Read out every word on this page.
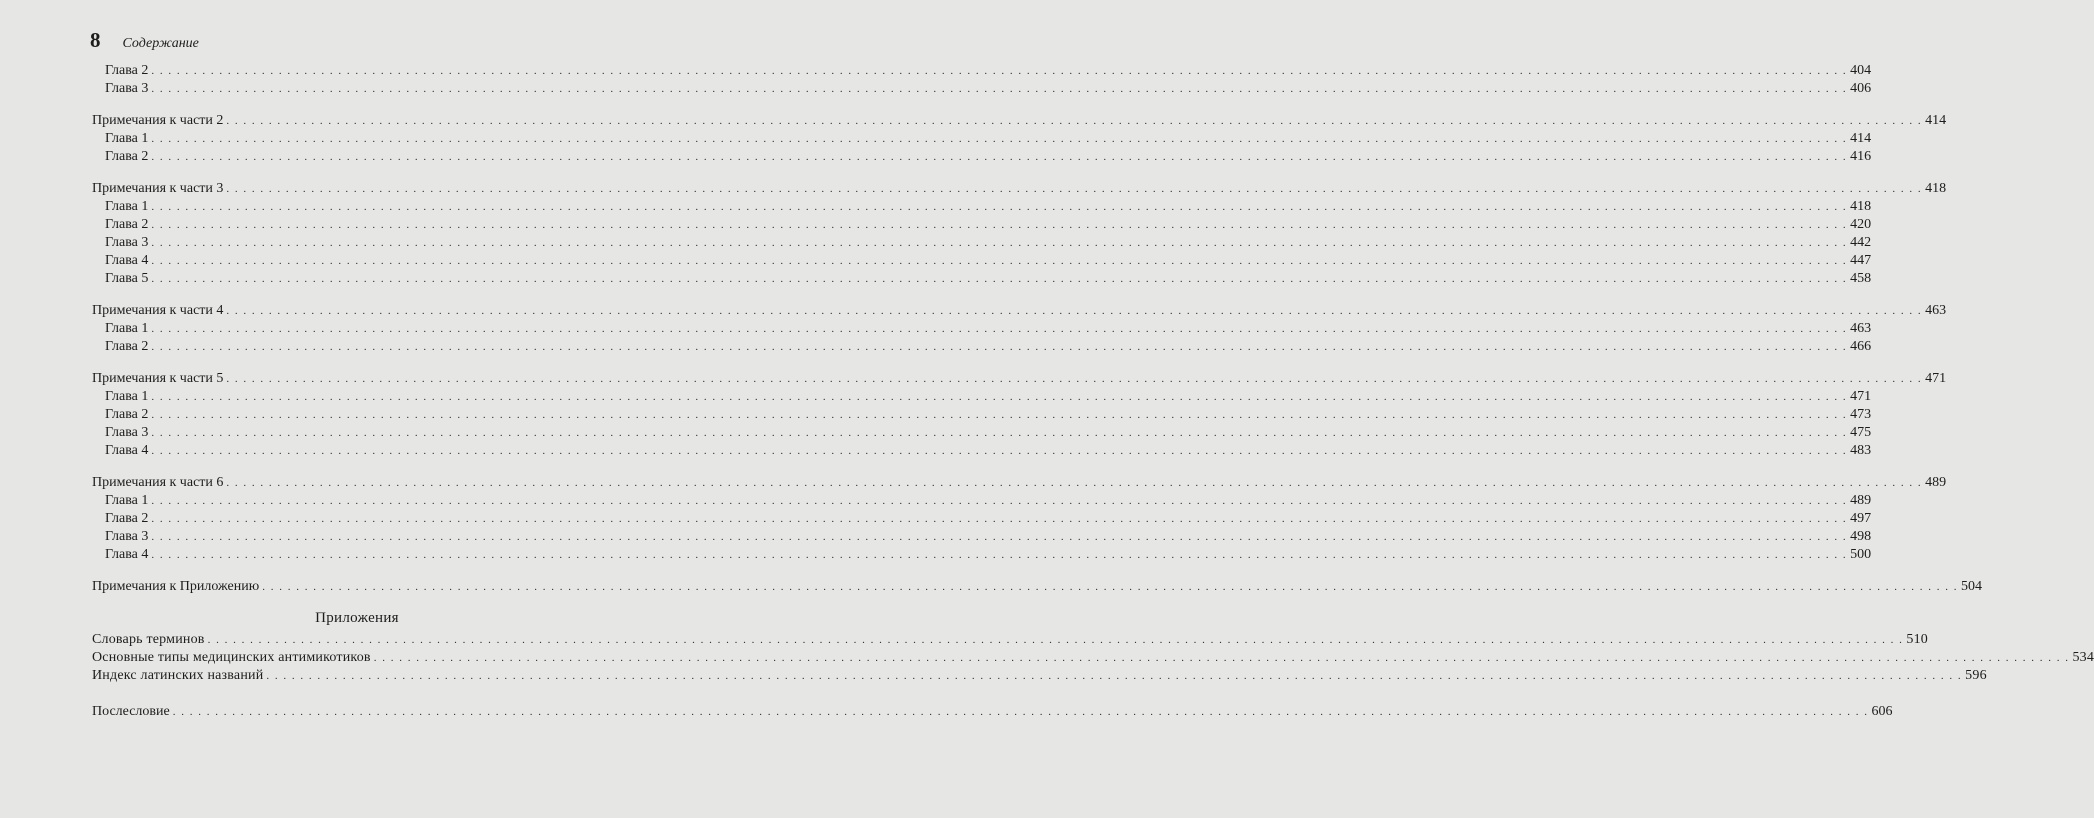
8 Содержание
Глава 2 . . . . . . . . . . . . . . . . . . . . . . . . . . . . . . . . . . . . . . . . . . . . . . . . . . . . . . . . . . . . . . . . . . . . . . . . . . . . . . . . . . . . . . . . . . . . . . . . . . . . . . . . . . . . . . . . . . . . . . . . . . . . . . . . . . . . . . . . . . . . . . . . . . . . . . . . . . . . . . . . . . . . . . . . . . . . . . . . . . . . . . . . . . . . . . . . . . . . . . . . 404
Глава 3 . . . . . . . . . . . . . . . . . . . . . . . . . . . . . . . . . . . . . . . . . . . . . . . . . . . . . . . . . . . . . . . . . . . . . . . . . . . . . . . . . . . . . . . . . . . . . . . . . . . . . . . . . . . . . . . . . . . . . . . . . . . . . . . . . . . . . . . . . . . . . . . . . . . . . . . . . . . . . . . . . . . . . . . . . . . . . . . . . . . . . . . . . . . . . . . . . . . . . . . . 406
Примечания к части 2 . . . . . . . . . . . . . . . . . . . . . . . . . . . . . . . . . . . . . . . . . . . . . . . . . . . . . . . . . . . . . . . . . . . . . . . . . . . . . . . . . . . . . . . . . . . . . . . . . . . . . . . . . . . . . . . . . . . . . . . . . . . . . . . . . . . . . . . . . . . . . . . . . . . . . . . . . . . . . . . . . . . . . . . . . . . . . . . . . . . . . . . . . . . . . . . . . . . . . . . . 414
Глава 1 . . . . . . . . . . . . . . . . . . . . . . . . . . . . . . . . . . . . . . . . . . . . . . . . . . . . . . . . . . . . . . . . . . . . . . . . . . . . . . . . . . . . . . . . . . . . . . . . . . . . . . . . . . . . . . . . . . . . . . . . . . . . . . . . . . . . . . . . . . . . . . . . . . . . . . . . . . . . . . . . . . . . . . . . . . . . . . . . . . . . . . . . . . . . . . . . . . . . . . . . 414
Глава 2 . . . . . . . . . . . . . . . . . . . . . . . . . . . . . . . . . . . . . . . . . . . . . . . . . . . . . . . . . . . . . . . . . . . . . . . . . . . . . . . . . . . . . . . . . . . . . . . . . . . . . . . . . . . . . . . . . . . . . . . . . . . . . . . . . . . . . . . . . . . . . . . . . . . . . . . . . . . . . . . . . . . . . . . . . . . . . . . . . . . . . . . . . . . . . . . . . . . . . . . . 416
Примечания к части 3 . . . . . . . . . . . . . . . . . . . . . . . . . . . . . . . . . . . . . . . . . . . . . . . . . . . . . . . . . . . . . . . . . . . . . . . . . . . . . . . . . . . . . . . . . . . . . . . . . . . . . . . . . . . . . . . . . . . . . . . . . . . . . . . . . . . . . . . . . . . . . . . . . . . . . . . . . . . . . . . . . . . . . . . . . . . . . . . . . . . . . . . . . . . . . . . . . . . . . . . . 418
Глава 1 . . . . . . . . . . . . . . . . . . . . . . . . . . . . . . . . . . . . . . . . . . . . . . . . . . . . . . . . . . . . . . . . . . . . . . . . . . . . . . . . . . . . . . . . . . . . . . . . . . . . . . . . . . . . . . . . . . . . . . . . . . . . . . . . . . . . . . . . . . . . . . . . . . . . . . . . . . . . . . . . . . . . . . . . . . . . . . . . . . . . . . . . . . . . . . . . . . . . . . . . 418
Глава 2 . . . . . . . . . . . . . . . . . . . . . . . . . . . . . . . . . . . . . . . . . . . . . . . . . . . . . . . . . . . . . . . . . . . . . . . . . . . . . . . . . . . . . . . . . . . . . . . . . . . . . . . . . . . . . . . . . . . . . . . . . . . . . . . . . . . . . . . . . . . . . . . . . . . . . . . . . . . . . . . . . . . . . . . . . . . . . . . . . . . . . . . . . . . . . . . . . . . . . . . . 420
Глава 3 . . . . . . . . . . . . . . . . . . . . . . . . . . . . . . . . . . . . . . . . . . . . . . . . . . . . . . . . . . . . . . . . . . . . . . . . . . . . . . . . . . . . . . . . . . . . . . . . . . . . . . . . . . . . . . . . . . . . . . . . . . . . . . . . . . . . . . . . . . . . . . . . . . . . . . . . . . . . . . . . . . . . . . . . . . . . . . . . . . . . . . . . . . . . . . . . . . . . . . . . 442
Глава 4 . . . . . . . . . . . . . . . . . . . . . . . . . . . . . . . . . . . . . . . . . . . . . . . . . . . . . . . . . . . . . . . . . . . . . . . . . . . . . . . . . . . . . . . . . . . . . . . . . . . . . . . . . . . . . . . . . . . . . . . . . . . . . . . . . . . . . . . . . . . . . . . . . . . . . . . . . . . . . . . . . . . . . . . . . . . . . . . . . . . . . . . . . . . . . . . . . . . . . . . . 447
Глава 5 . . . . . . . . . . . . . . . . . . . . . . . . . . . . . . . . . . . . . . . . . . . . . . . . . . . . . . . . . . . . . . . . . . . . . . . . . . . . . . . . . . . . . . . . . . . . . . . . . . . . . . . . . . . . . . . . . . . . . . . . . . . . . . . . . . . . . . . . . . . . . . . . . . . . . . . . . . . . . . . . . . . . . . . . . . . . . . . . . . . . . . . . . . . . . . . . . . . . . . . . 458
Примечания к части 4 . . . . . . . . . . . . . . . . . . . . . . . . . . . . . . . . . . . . . . . . . . . . . . . . . . . . . . . . . . . . . . . . . . . . . . . . . . . . . . . . . . . . . . . . . . . . . . . . . . . . . . . . . . . . . . . . . . . . . . . . . . . . . . . . . . . . . . . . . . . . . . . . . . . . . . . . . . . . . . . . . . . . . . . . . . . . . . . . . . . . . . . . . . . . . . . . . . . . . . . . 463
Глава 1 . . . . . . . . . . . . . . . . . . . . . . . . . . . . . . . . . . . . . . . . . . . . . . . . . . . . . . . . . . . . . . . . . . . . . . . . . . . . . . . . . . . . . . . . . . . . . . . . . . . . . . . . . . . . . . . . . . . . . . . . . . . . . . . . . . . . . . . . . . . . . . . . . . . . . . . . . . . . . . . . . . . . . . . . . . . . . . . . . . . . . . . . . . . . . . . . . . . . . . . . 463
Глава 2 . . . . . . . . . . . . . . . . . . . . . . . . . . . . . . . . . . . . . . . . . . . . . . . . . . . . . . . . . . . . . . . . . . . . . . . . . . . . . . . . . . . . . . . . . . . . . . . . . . . . . . . . . . . . . . . . . . . . . . . . . . . . . . . . . . . . . . . . . . . . . . . . . . . . . . . . . . . . . . . . . . . . . . . . . . . . . . . . . . . . . . . . . . . . . . . . . . . . . . . . 466
Примечания к части 5 . . . . . . . . . . . . . . . . . . . . . . . . . . . . . . . . . . . . . . . . . . . . . . . . . . . . . . . . . . . . . . . . . . . . . . . . . . . . . . . . . . . . . . . . . . . . . . . . . . . . . . . . . . . . . . . . . . . . . . . . . . . . . . . . . . . . . . . . . . . . . . . . . . . . . . . . . . . . . . . . . . . . . . . . . . . . . . . . . . . . . . . . . . . . . . . . . . . . . . . . 471
Глава 1 . . . . . . . . . . . . . . . . . . . . . . . . . . . . . . . . . . . . . . . . . . . . . . . . . . . . . . . . . . . . . . . . . . . . . . . . . . . . . . . . . . . . . . . . . . . . . . . . . . . . . . . . . . . . . . . . . . . . . . . . . . . . . . . . . . . . . . . . . . . . . . . . . . . . . . . . . . . . . . . . . . . . . . . . . . . . . . . . . . . . . . . . . . . . . . . . . . . . . . . . 471
Глава 2 . . . . . . . . . . . . . . . . . . . . . . . . . . . . . . . . . . . . . . . . . . . . . . . . . . . . . . . . . . . . . . . . . . . . . . . . . . . . . . . . . . . . . . . . . . . . . . . . . . . . . . . . . . . . . . . . . . . . . . . . . . . . . . . . . . . . . . . . . . . . . . . . . . . . . . . . . . . . . . . . . . . . . . . . . . . . . . . . . . . . . . . . . . . . . . . . . . . . . . . . 473
Глава 3 . . . . . . . . . . . . . . . . . . . . . . . . . . . . . . . . . . . . . . . . . . . . . . . . . . . . . . . . . . . . . . . . . . . . . . . . . . . . . . . . . . . . . . . . . . . . . . . . . . . . . . . . . . . . . . . . . . . . . . . . . . . . . . . . . . . . . . . . . . . . . . . . . . . . . . . . . . . . . . . . . . . . . . . . . . . . . . . . . . . . . . . . . . . . . . . . . . . . . . . . 475
Глава 4 . . . . . . . . . . . . . . . . . . . . . . . . . . . . . . . . . . . . . . . . . . . . . . . . . . . . . . . . . . . . . . . . . . . . . . . . . . . . . . . . . . . . . . . . . . . . . . . . . . . . . . . . . . . . . . . . . . . . . . . . . . . . . . . . . . . . . . . . . . . . . . . . . . . . . . . . . . . . . . . . . . . . . . . . . . . . . . . . . . . . . . . . . . . . . . . . . . . . . . . . 483
Примечания к части 6 . . . . . . . . . . . . . . . . . . . . . . . . . . . . . . . . . . . . . . . . . . . . . . . . . . . . . . . . . . . . . . . . . . . . . . . . . . . . . . . . . . . . . . . . . . . . . . . . . . . . . . . . . . . . . . . . . . . . . . . . . . . . . . . . . . . . . . . . . . . . . . . . . . . . . . . . . . . . . . . . . . . . . . . . . . . . . . . . . . . . . . . . . . . . . . . . . . . . . . . . 489
Глава 1 . . . . . . . . . . . . . . . . . . . . . . . . . . . . . . . . . . . . . . . . . . . . . . . . . . . . . . . . . . . . . . . . . . . . . . . . . . . . . . . . . . . . . . . . . . . . . . . . . . . . . . . . . . . . . . . . . . . . . . . . . . . . . . . . . . . . . . . . . . . . . . . . . . . . . . . . . . . . . . . . . . . . . . . . . . . . . . . . . . . . . . . . . . . . . . . . . . . . . . . . 489
Глава 2 . . . . . . . . . . . . . . . . . . . . . . . . . . . . . . . . . . . . . . . . . . . . . . . . . . . . . . . . . . . . . . . . . . . . . . . . . . . . . . . . . . . . . . . . . . . . . . . . . . . . . . . . . . . . . . . . . . . . . . . . . . . . . . . . . . . . . . . . . . . . . . . . . . . . . . . . . . . . . . . . . . . . . . . . . . . . . . . . . . . . . . . . . . . . . . . . . . . . . . . . 497
Глава 3 . . . . . . . . . . . . . . . . . . . . . . . . . . . . . . . . . . . . . . . . . . . . . . . . . . . . . . . . . . . . . . . . . . . . . . . . . . . . . . . . . . . . . . . . . . . . . . . . . . . . . . . . . . . . . . . . . . . . . . . . . . . . . . . . . . . . . . . . . . . . . . . . . . . . . . . . . . . . . . . . . . . . . . . . . . . . . . . . . . . . . . . . . . . . . . . . . . . . . . . . 498
Глава 4 . . . . . . . . . . . . . . . . . . . . . . . . . . . . . . . . . . . . . . . . . . . . . . . . . . . . . . . . . . . . . . . . . . . . . . . . . . . . . . . . . . . . . . . . . . . . . . . . . . . . . . . . . . . . . . . . . . . . . . . . . . . . . . . . . . . . . . . . . . . . . . . . . . . . . . . . . . . . . . . . . . . . . . . . . . . . . . . . . . . . . . . . . . . . . . . . . . . . . . . . 500
Примечания к Приложению . . . . . . . . . . . . . . . . . . . . . . . . . . . . . . . . . . . . . . . . . . . . . . . . . . . . . . . . . . . . . . . . . . . . . . . . . . . . . . . . . . . . . . . . . . . . . . . . . . . . . . . . . . . . . . . . . . . . . . . . . . . . . . . . . . . . . . . . . . . . . . . . . . . . . . . . . . . . . . . . . . . . . . . . . . . . . . . . . . . . . . . . . . . . . . . . . . . . . . . . 504
Приложения
Словарь терминов . . . . . . . . . . . . . . . . . . . . . . . . . . . . . . . . . . . . . . . . . . . . . . . . . . . . . . . . . . . . . . . . . . . . . . . . . . . . . . . . . . . . . . . . . . . . . . . . . . . . . . . . . . . . . . . . . . . . . . . . . . . . . . . . . . . . . . . . . . . . . . . . . . . . . . . . . . . . . . . . . . . . . . . . . . . . . . . . . . . . . . . . . . . . . . . . . . . . . . . . 510
Основные типы медицинских антимикотиков . . . . . . . . . . . . . . . . . . . . . . . . . . . . . . . . . . . . . . . . . . . . . . . . . . . . . . . . . . . . . . . . . . . . . . . . . . . . . . . . . . . . . . . . . . . . . . . . . . . . . . . . . . . . . . . . . . . . . . . . . . . . . . . . . . . . . . . . . . . . . . . . . . . . . . . . . . . . . . . . . . . . . . . . . . . . . . . . . . . . . . . . . . . . . . . . . . . . . . . . 534
Индекс латинских названий . . . . . . . . . . . . . . . . . . . . . . . . . . . . . . . . . . . . . . . . . . . . . . . . . . . . . . . . . . . . . . . . . . . . . . . . . . . . . . . . . . . . . . . . . . . . . . . . . . . . . . . . . . . . . . . . . . . . . . . . . . . . . . . . . . . . . . . . . . . . . . . . . . . . . . . . . . . . . . . . . . . . . . . . . . . . . . . . . . . . . . . . . . . . . . . . . . . . . . . . 596
Послесловие . . . . . . . . . . . . . . . . . . . . . . . . . . . . . . . . . . . . . . . . . . . . . . . . . . . . . . . . . . . . . . . . . . . . . . . . . . . . . . . . . . . . . . . . . . . . . . . . . . . . . . . . . . . . . . . . . . . . . . . . . . . . . . . . . . . . . . . . . . . . . . . . . . . . . . . . . . . . . . . . . . . . . . . . . . . . . . . . . . . . . . . . . . . . . . . . . . . . . . . . 606
